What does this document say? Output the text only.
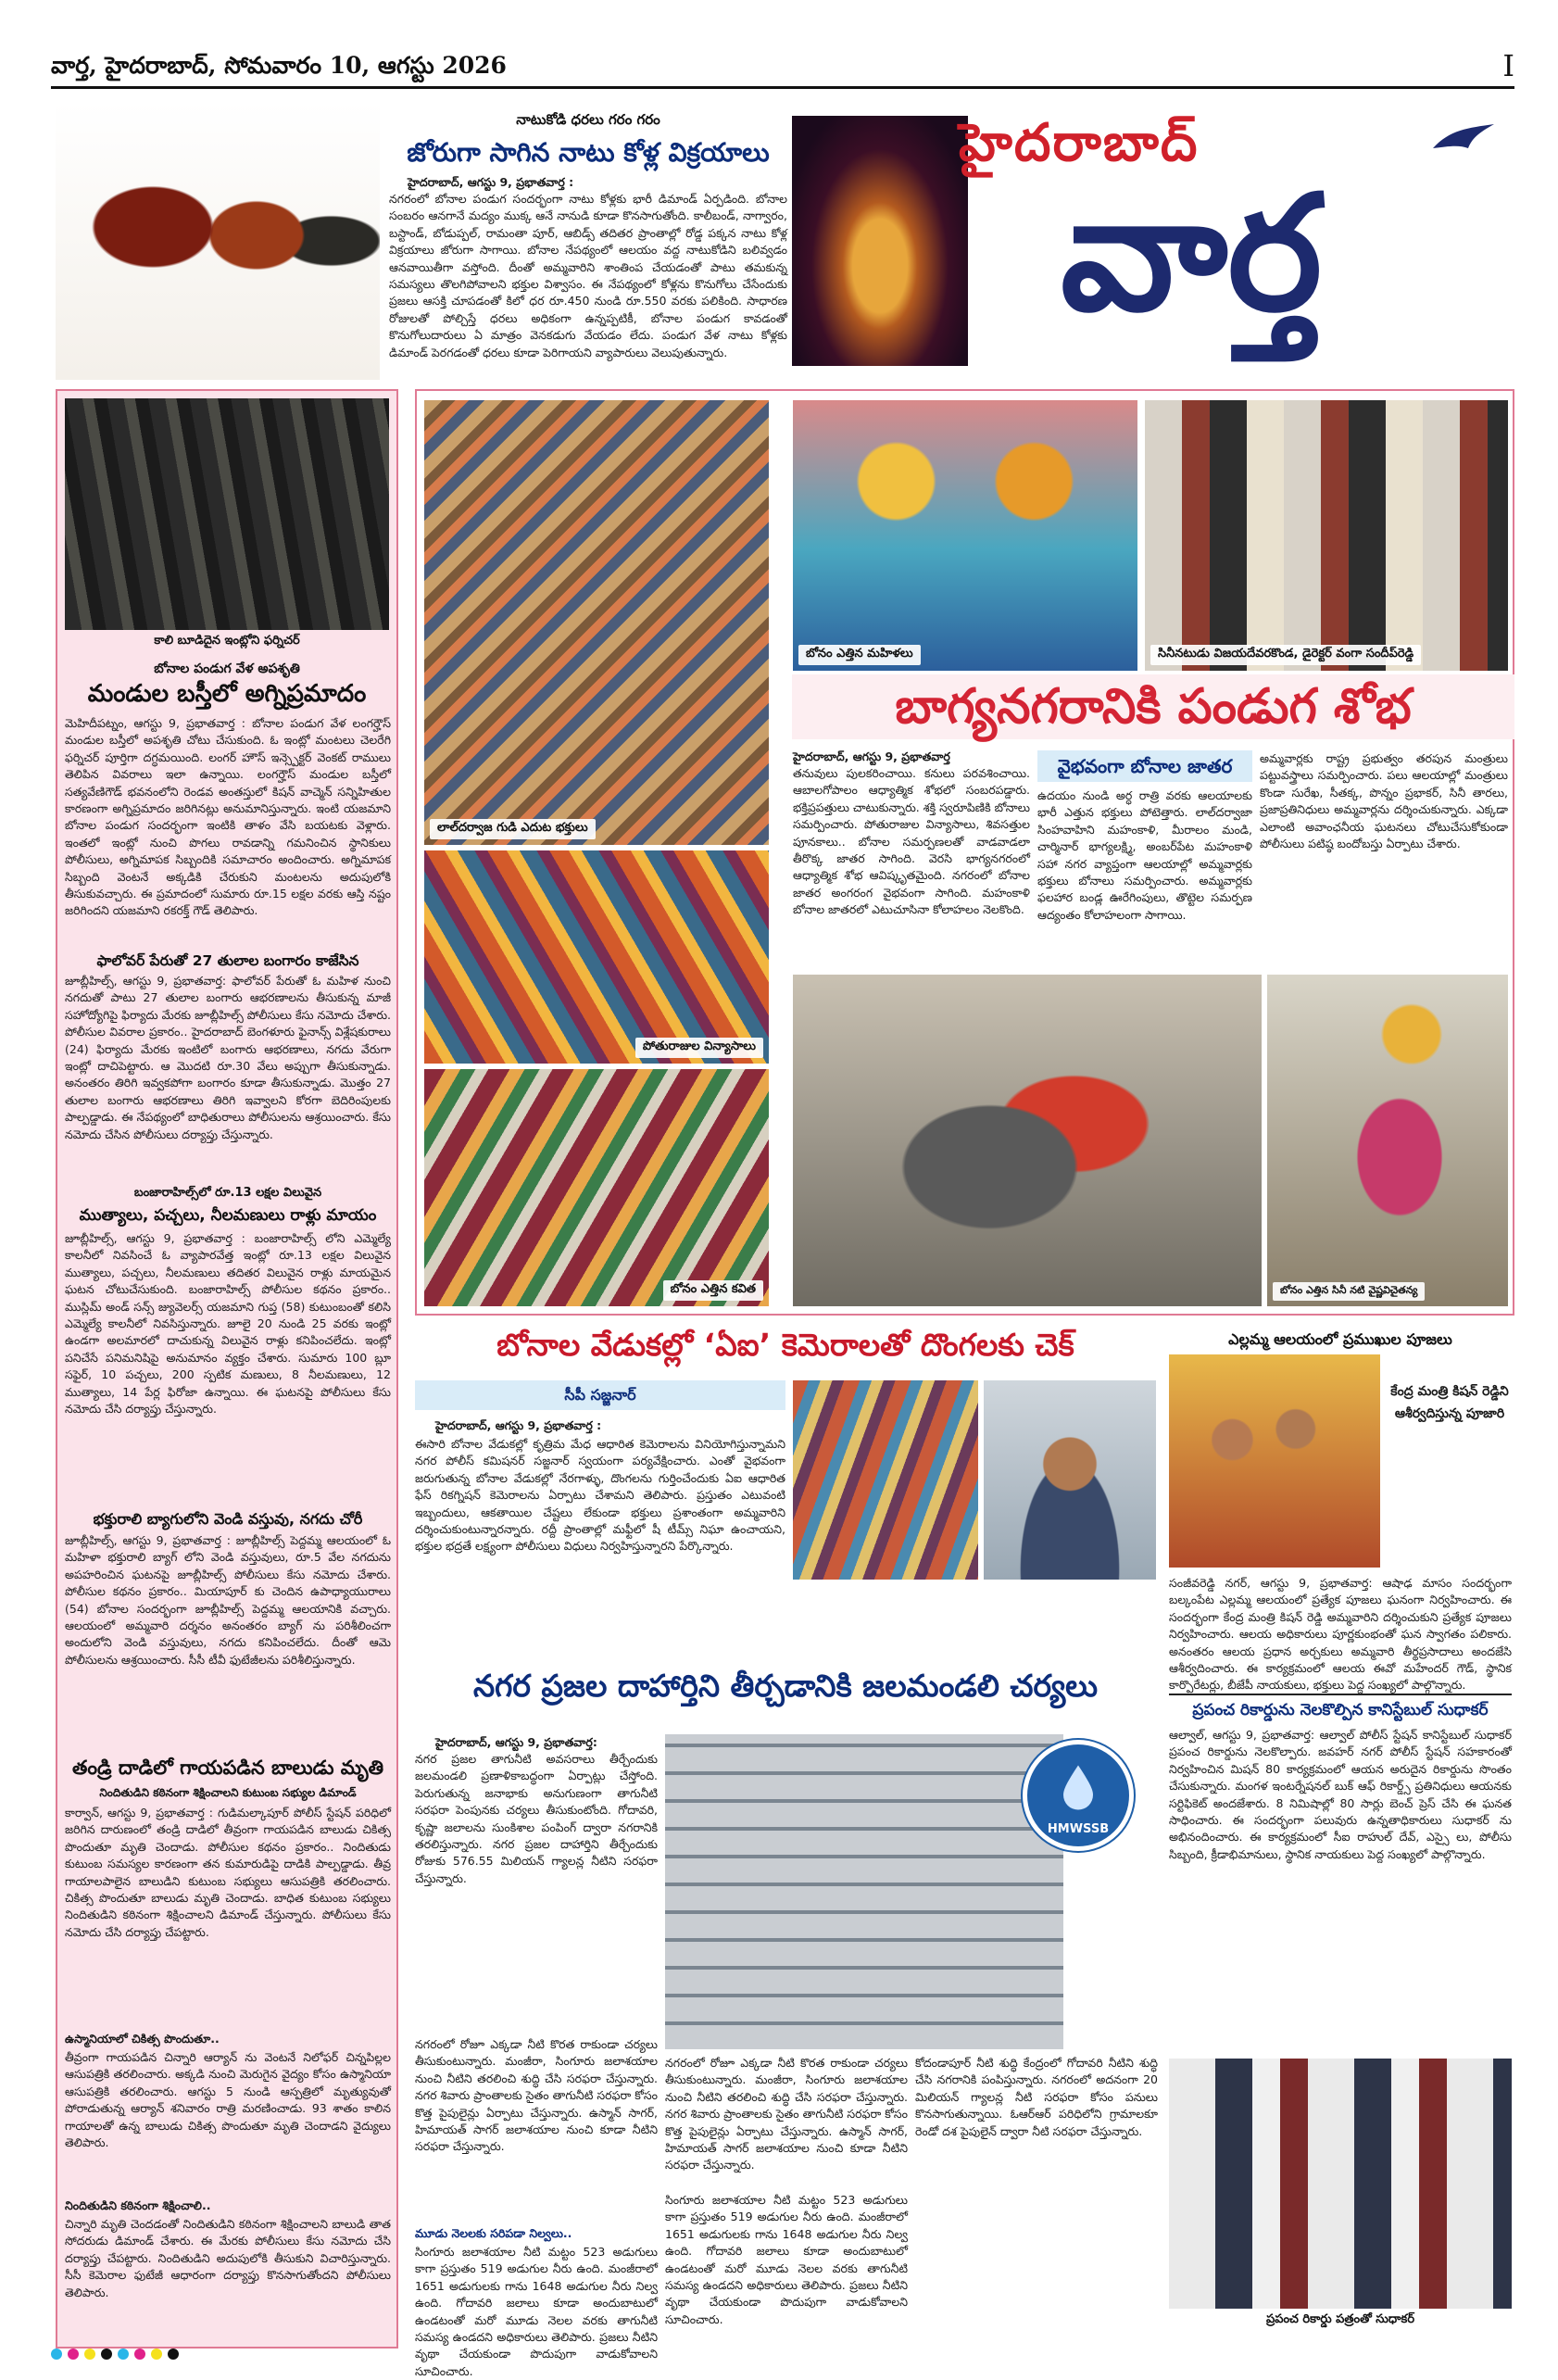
వార్త, హైదరాబాద్, సోమవారం 10, ఆగస్టు 2026	I
నాటుకోడి ధరలు గరం గరం
జోరుగా సాగిన నాటు కోళ్ల విక్రయాలు
హైదరాబాద్, ఆగస్టు 9, ప్రభాతవార్త :
నగరంలో బోనాల పండుగ సందర్భంగా నాటు కోళ్లకు భారీ డిమాండ్ ఏర్పడింది. బోనాల సంబరం ఆనగానే మద్యం ముక్క ఆనే నానుడి కూడా కొనసాగుతోంది. కాలీబండ్, నాగ్వారం, బస్టాండ్, బోడుప్పల్, రామంతా పూర్, ఆబిడ్స్ తదితర ప్రాంతాల్లో రోడ్డ పక్కన నాటు కోళ్ల విక్రయాలు జోరుగా సాగాయి. బోనాల నేపథ్యంలో ఆలయం వద్ద నాటుకోడిని బలివ్వడం ఆనవాయితీగా వస్తోంది. దీంతో అమ్మవారిని శాంతింప చేయడంతో పాటు తమకున్న సమస్యలు తొలగిపోవాలని భక్తుల విశ్వాసం. ఈ నేపథ్యంలో కోళ్లను కొనుగోలు చేసేందుకు ప్రజలు ఆసక్తి చూపడంతో కిలో ధర రూ.450 నుండి రూ.550 వరకు పలికింది. సాధారణ రోజులతో పోల్చిస్తే ధరలు అధికంగా ఉన్నప్పటికీ, బోనాల పండుగ కావడంతో కొనుగోలుదారులు ఏ మాత్రం వెనకడుగు వేయడం లేదు. పండుగ వేళ నాటు కోళ్లకు డిమాండ్ పెరగడంతో ధరలు కూడా పెరిగాయని వ్యాపారులు వెలుపుతున్నారు.
హైదరాబాద్
వార్త
కాలి బూడిదైన ఇంట్లోని ఫర్నిచర్
బోనాల పండుగ వేళ అపశృతి
మండుల బస్తీలో అగ్నిప్రమాదం
మెహిదీపట్నం, ఆగస్టు 9, ప్రభాతవార్త : బోనాల పండుగ వేళ లంగర్హౌస్ మండుల బస్తీలో అపశృతి చోటు చేసుకుంది. ఓ ఇంట్లో మంటలు చెలరేగి ఫర్నిచర్ పూర్తిగా దగ్ధమయింది. లంగర్ హౌస్ ఇన్స్పెక్టర్ వెంకట్ రాములు తెలిపిన వివరాలు ఇలా ఉన్నాయి. లంగర్హౌస్ మండుల బస్తీలో సత్యవేణిగౌడ్ భవనంలోని రెండవ అంతస్తులో కిషన్ వాచ్మెన్ సన్నిహితుల కారణంగా అగ్నిప్రమాదం జరిగినట్లు అనుమానిస్తున్నారు. ఇంటి యజమాని బోనాల పండుగ సందర్భంగా ఇంటికి తాళం వేసి బయటకు వెళ్లారు. ఇంతలో ఇంట్లో నుంచి పొగలు రావడాన్ని గమనించిన స్థానికులు పోలీసులు, అగ్నిమాపక సిబ్బందికి సమాచారం అందించారు. అగ్నిమాపక సిబ్బంది వెంటనే అక్కడికి చేరుకుని మంటలను అదుపులోకి తీసుకువచ్చారు. ఈ ప్రమాదంలో సుమారు రూ.15 లక్షల వరకు ఆస్తి నష్టం జరిగిందని యజమాని రకరక్త్ గౌడ్ తెలిపారు.
ఫాలోవర్ పేరుతో 27 తులాల బంగారం కాజేసిన
జూబ్లీహిల్స్, ఆగస్టు 9, ప్రభాతవార్త: ఫాలోవర్ పేరుతో ఓ మహిళ నుంచి నగదుతో పాటు 27 తులాల బంగారు ఆభరణాలను తీసుకున్న మాజీ సహోద్యోగిపై ఫిర్యాదు మేరకు జూబ్లీహిల్స్ పోలీసులు కేసు నమోదు చేశారు. పోలీసుల వివరాల ప్రకారం.. హైదరాబాద్ బెంగళూరు ఫైనాన్స్ విశ్లేషకురాలు (24) ఫిర్యాదు మేరకు ఇంటిలో బంగారు ఆభరణాలు, నగదు వేరుగా ఇంట్లో దాచిపెట్టారు. ఆ మొదటి రూ.30 వేలు అప్పుగా తీసుకున్నాడు. అనంతరం తిరిగి ఇవ్వకపోగా బంగారం కూడా తీసుకున్నాడు. మొత్తం 27 తులాల బంగారు ఆభరణాలు తిరిగి ఇవ్వాలని కోరగా బెదిరింపులకు పాల్పడ్డాడు. ఈ నేపథ్యంలో బాధితురాలు పోలీసులను ఆశ్రయించారు. కేసు నమోదు చేసిన పోలీసులు దర్యాప్తు చేస్తున్నారు.
బంజారాహిల్స్‌లో రూ.13 లక్షల విలువైన
ముత్యాలు, పచ్చలు, నీలమణులు రాళ్లు మాయం
జూబ్లీహిల్స్, ఆగస్టు 9, ప్రభాతవార్త : బంజారాహిల్స్ లోని ఎమ్మెల్యే కాలనీలో నివసించే ఓ వ్యాపారవేత్త ఇంట్లో రూ.13 లక్షల విలువైన ముత్యాలు, పచ్చలు, నీలమణులు తదితర విలువైన రాళ్లు మాయమైన ఘటన చోటుచేసుకుంది. బంజారాహిల్స్ పోలీసుల కథనం ప్రకారం.. ముస్లిమ్ అండ్ సన్స్ జ్యువెలర్స్ యజమాని గుప్త (58) కుటుంబంతో కలిసి ఎమ్మెల్యే కాలనీలో నివసిస్తున్నారు. జూలై 20 నుండి 25 వరకు ఇంట్లో ఉండగా అలమారలో దాచుకున్న విలువైన రాళ్లు కనిపించలేదు. ఇంట్లో పనిచేసే పనిమనిషిపై అనుమానం వ్యక్తం చేశారు. సుమారు 100 బ్లూ సఫైర్, 10 పచ్చలు, 200 స్పటిక మణులు, 8 నీలమణులు, 12 ముత్యాలు, 14 పేర్ల ఫిరోజా ఉన్నాయి. ఈ ఘటనపై పోలీసులు కేసు నమోదు చేసి దర్యాప్తు చేస్తున్నారు.
భక్తురాలి బ్యాగులోని వెండి వస్తువు, నగదు చోరీ
జూబ్లీహిల్స్, ఆగస్టు 9, ప్రభాతవార్త : జూబ్లీహిల్స్ పెద్దమ్మ ఆలయంలో ఓ మహిళా భక్తురాలి బ్యాగ్ లోని వెండి వస్తువులు, రూ.5 వేల నగదును అపహరించిన ఘటనపై జూబ్లీహిల్స్ పోలీసులు కేసు నమోదు చేశారు. పోలీసుల కథనం ప్రకారం.. మియాపూర్ కు చెందిన ఉపాధ్యాయురాలు (54) బోనాల సందర్భంగా జూబ్లీహిల్స్ పెద్దమ్మ ఆలయానికి వచ్చారు. ఆలయంలో అమ్మవారి దర్శనం అనంతరం బ్యాగ్ ను పరిశీలించగా అందులోని వెండి వస్తువులు, నగదు కనిపించలేదు. దీంతో ఆమె పోలీసులను ఆశ్రయించారు. సీసీ టీవీ ఫుటేజీలను పరిశీలిస్తున్నారు.
తండ్రి దాడిలో గాయపడిన బాలుడు మృతి
నిందితుడిని కఠినంగా శిక్షించాలని కుటుంబ సభ్యుల డిమాండ్
కార్వాన్, ఆగస్టు 9, ప్రభాతవార్త : గుడిమల్కాపూర్ పోలీస్ స్టేషన్ పరిధిలో జరిగిన దారుణంలో తండ్రి దాడిలో తీవ్రంగా గాయపడిన బాలుడు చికిత్స పొందుతూ మృతి చెందాడు. పోలీసుల కథనం ప్రకారం.. నిందితుడు కుటుంబ సమస్యల కారణంగా తన కుమారుడిపై దాడికి పాల్పడ్డాడు. తీవ్ర గాయాలపాలైన బాలుడిని కుటుంబ సభ్యులు ఆసుపత్రికి తరలించారు. చికిత్స పొందుతూ బాలుడు మృతి చెందాడు. బాధిత కుటుంబ సభ్యులు నిందితుడిని కఠినంగా శిక్షించాలని డిమాండ్ చేస్తున్నారు. పోలీసులు కేసు నమోదు చేసి దర్యాప్తు చేపట్టారు.
ఉస్మానియాలో చికిత్స పొందుతూ..
తీవ్రంగా గాయపడిన చిన్నారి ఆర్యాన్ ను వెంటనే నిలోఫర్ చిన్నపిల్లల ఆసుపత్రికి తరలించారు. అక్కడి నుంచి మెరుగైన వైద్యం కోసం ఉస్మానియా ఆసుపత్రికి తరలించారు. ఆగస్టు 5 నుండి ఆస్పత్రిలో మృత్యువుతో పోరాడుతున్న ఆర్యాన్ శనివారం రాత్రి మరణించాడు. 93 శాతం కాలిన గాయాలతో ఉన్న బాలుడు చికిత్స పొందుతూ మృతి చెందాడని వైద్యులు తెలిపారు.
నిందితుడిని కఠినంగా శిక్షించాలి..
చిన్నారి మృతి చెందడంతో నిందితుడిని కఠినంగా శిక్షించాలని బాలుడి తాత సోదరుడు డిమాండ్ చేశారు. ఈ మేరకు పోలీసులు కేసు నమోదు చేసి దర్యాప్తు చేపట్టారు. నిందితుడిని అదుపులోకి తీసుకుని విచారిస్తున్నారు. సీసీ కెమెరాల ఫుటేజీ ఆధారంగా దర్యాప్తు కొనసాగుతోందని పోలీసులు తెలిపారు.
లాల్‌దర్వాజ గుడి ఎదుట భక్తులు
పోతురాజుల విన్యాసాలు
బోనం ఎత్తిన కవిత
బోనం ఎత్తిన మహిళలు	సినీనటుడు విజయదేవరకొండ, డైరెక్టర్ వంగా సందీప్‌రెడ్డి
బాగ్యనగరానికి పండుగ శోభ
హైదరాబాద్, ఆగస్టు 9, ప్రభాతవార్త
తనువులు పులకరించాయి. కనులు పరవశించాయి. ఆబాలగోపాలం ఆధ్యాత్మిక శోభలో సంబరపడ్డారు. భక్తిప్రపత్తులు చాటుకున్నారు. శక్తి స్వరూపిణికి బోనాలు సమర్పించారు. పోతురాజుల విన్యాసాలు, శివసత్తుల పూనకాలు.. బోనాల సమర్పణలతో వాడవాడలా తీరొక్క జాతర సాగింది. వెరసి భాగ్యనగరంలో ఆధ్యాత్మిక శోభ ఆవిష్కృతమైంది. నగరంలో బోనాల జాతర అంగరంగ వైభవంగా సాగింది. మహంకాళి బోనాల జాతరలో ఎటుచూసినా కోలాహలం నెలకొంది.
వైభవంగా బోనాల జాతర
ఉదయం నుండి అర్ధ రాత్రి వరకు ఆలయాలకు భారీ ఎత్తున భక్తులు పోటెత్తారు. లాల్‌దర్వాజా సింహవాహిని మహంకాళి, మీరాలం మండి, చార్మినార్ భాగ్యలక్ష్మి, అంబర్‌పేట మహంకాళి సహా నగర వ్యాప్తంగా ఆలయాల్లో అమ్మవార్లకు భక్తులు బోనాలు సమర్పించారు. అమ్మవార్లకు ఫలహార బండ్ల ఊరేగింపులు, తొట్టెల సమర్పణ ఆద్యంతం కోలాహలంగా సాగాయి.
అమ్మవార్లకు రాష్ట్ర ప్రభుత్వం తరపున మంత్రులు పట్టువస్త్రాలు సమర్పించారు. పలు ఆలయాల్లో మంత్రులు కొండా సురేఖ, సీతక్క, పొన్నం ప్రభాకర్, సినీ తారలు, ప్రజాప్రతినిధులు అమ్మవార్లను దర్శించుకున్నారు. ఎక్కడా ఎలాంటి అవాంఛనీయ ఘటనలు చోటుచేసుకోకుండా పోలీసులు పటిష్ఠ బందోబస్తు ఏర్పాటు చేశారు.
బోనం ఎత్తిన సినీ నటి వైష్ణవిచైతన్య
బోనాల వేడుకల్లో ‘ఏఐ’ కెమెరాలతో దొంగలకు చెక్
సీపీ సజ్జనార్
హైదరాబాద్, ఆగస్టు 9, ప్రభాతవార్త :
ఈసారి బోనాల వేడుకల్లో కృత్రిమ మేధ ఆధారిత కెమెరాలను వినియోగిస్తున్నామని నగర పోలీస్ కమిషనర్ సజ్జనార్ స్వయంగా పర్యవేక్షించారు. ఎంతో వైభవంగా జరుగుతున్న బోనాల వేడుకల్లో నేరగాళ్ళు, దొంగలను గుర్తించేందుకు ఏఐ ఆధారిత ఫేస్ రికగ్నిషన్ కెమెరాలను ఏర్పాటు చేశామని తెలిపారు. ప్రస్తుతం ఎటువంటి ఇబ్బందులు, ఆకతాయిల చేష్టలు లేకుండా భక్తులు ప్రశాంతంగా అమ్మవారిని దర్శించుకుంటున్నారన్నారు. రద్దీ ప్రాంతాల్లో మఫ్టీలో షీ టీమ్స్ నిఘా ఉంచాయని, భక్తుల భద్రతే లక్ష్యంగా పోలీసులు విధులు నిర్వహిస్తున్నారని పేర్కొన్నారు.
ఎల్లమ్మ ఆలయంలో ప్రముఖుల పూజలు
కేంద్ర మంత్రి కిషన్ రెడ్డిని ఆశీర్వదిస్తున్న పూజారి
సంజీవరెడ్డి నగర్, ఆగస్టు 9, ప్రభాతవార్త: ఆషాఢ మాసం సందర్భంగా బల్కంపేట ఎల్లమ్మ ఆలయంలో ప్రత్యేక పూజలు ఘనంగా నిర్వహించారు. ఈ సందర్భంగా కేంద్ర మంత్రి కిషన్ రెడ్డి అమ్మవారిని దర్శించుకుని ప్రత్యేక పూజలు నిర్వహించారు. ఆలయ అధికారులు పూర్ణకుంభంతో ఘన స్వాగతం పలికారు. అనంతరం ఆలయ ప్రధాన అర్చకులు అమ్మవారి తీర్థప్రసాదాలు అందజేసి ఆశీర్వదించారు. ఈ కార్యక్రమంలో ఆలయ ఈవో మహేందర్ గౌడ్, స్థానిక కార్పొరేటర్లు, బీజేపీ నాయకులు, భక్తులు పెద్ద సంఖ్యలో పాల్గొన్నారు.
నగర ప్రజల దాహార్తిని తీర్చడానికి జలమండలి చర్యలు
హైదరాబాద్, ఆగస్టు 9, ప్రభాతవార్త:
నగర ప్రజల తాగునీటి అవసరాలు తీర్చేందుకు జలమండలి ప్రణాళికాబద్ధంగా ఏర్పాట్లు చేస్తోంది. పెరుగుతున్న జనాభాకు అనుగుణంగా తాగునీటి సరఫరా పెంపునకు చర్యలు తీసుకుంటోంది. గోదావరి, కృష్ణా జలాలను సుంకిశాల పంపింగ్ ద్వారా నగరానికి తరలిస్తున్నారు. నగర ప్రజల దాహార్తిని తీర్చేందుకు రోజుకు 576.55 మిలియన్ గ్యాలన్ల నీటిని సరఫరా చేస్తున్నారు.
HMWSSB
నగరంలో రోజూ ఎక్కడా నీటి కొరత రాకుండా చర్యలు తీసుకుంటున్నారు. మంజీరా, సింగూరు జలాశయాల నుంచి నీటిని తరలించి శుద్ధి చేసి సరఫరా చేస్తున్నారు. నగర శివారు ప్రాంతాలకు సైతం తాగునీటి సరఫరా కోసం కొత్త పైపులైన్లు ఏర్పాటు చేస్తున్నారు. ఉస్మాన్ సాగర్, హిమాయత్ సాగర్ జలాశయాల నుంచి కూడా నీటిని సరఫరా చేస్తున్నారు.
కోదండాపూర్ నీటి శుద్ధి కేంద్రంలో గోదావరి నీటిని శుద్ధి చేసి నగరానికి పంపిస్తున్నారు. నగరంలో అదనంగా 20 మిలియన్ గ్యాలన్ల నీటి సరఫరా కోసం పనులు కొనసాగుతున్నాయి. ఓఆర్ఆర్ పరిధిలోని గ్రామాలకూ రెండో దశ పైపులైన్ ద్వారా నీటి సరఫరా చేస్తున్నారు.
నగరంలో రోజూ ఎక్కడా నీటి కొరత రాకుండా చర్యలు తీసుకుంటున్నారు. మంజీరా, సింగూరు జలాశయాల నుంచి నీటిని తరలించి శుద్ధి చేసి సరఫరా చేస్తున్నారు. నగర శివారు ప్రాంతాలకు సైతం తాగునీటి సరఫరా కోసం కొత్త పైపులైన్లు ఏర్పాటు చేస్తున్నారు. ఉస్మాన్ సాగర్, హిమాయత్ సాగర్ జలాశయాల నుంచి కూడా నీటిని సరఫరా చేస్తున్నారు.
మూడు నెలలకు సరిపడా నిల్వలు..
సింగూరు జలాశయాల నీటి మట్టం 523 అడుగులు కాగా ప్రస్తుతం 519 అడుగుల నీరు ఉంది. మంజీరాలో 1651 అడుగులకు గాను 1648 అడుగుల నీరు నిల్వ ఉంది. గోదావరి జలాలు కూడా అందుబాటులో ఉండటంతో మరో మూడు నెలల వరకు తాగునీటి సమస్య ఉండదని అధికారులు తెలిపారు. ప్రజలు నీటిని వృథా చేయకుండా పొదుపుగా వాడుకోవాలని సూచించారు.
సింగూరు జలాశయాల నీటి మట్టం 523 అడుగులు కాగా ప్రస్తుతం 519 అడుగుల నీరు ఉంది. మంజీరాలో 1651 అడుగులకు గాను 1648 అడుగుల నీరు నిల్వ ఉంది. గోదావరి జలాలు కూడా అందుబాటులో ఉండటంతో మరో మూడు నెలల వరకు తాగునీటి సమస్య ఉండదని అధికారులు తెలిపారు. ప్రజలు నీటిని వృథా చేయకుండా పొదుపుగా వాడుకోవాలని సూచించారు.
ప్రపంచ రికార్డును నెలకొల్పిన కానిస్టేబుల్ సుధాకర్
ఆల్వాల్, ఆగస్టు 9, ప్రభాతవార్త: ఆల్వాల్ పోలీస్ స్టేషన్ కానిస్టేబుల్ సుధాకర్ ప్రపంచ రికార్డును నెలకొల్పారు. జవహర్ నగర్ పోలీస్ స్టేషన్ సహకారంతో నిర్వహించిన మిషన్ 80 కార్యక్రమంలో ఆయన అరుదైన రికార్డును సొంతం చేసుకున్నారు. మంగళ ఇంటర్నేషనల్ బుక్ ఆఫ్ రికార్డ్స్ ప్రతినిధులు ఆయనకు సర్టిఫికెట్ అందజేశారు. 8 నిమిషాల్లో 80 సార్లు బెంచ్ ప్రెస్ చేసి ఈ ఘనత సాధించారు. ఈ సందర్భంగా పలువురు ఉన్నతాధికారులు సుధాకర్ ను అభినందించారు. ఈ కార్యక్రమంలో సీఐ రాహుల్ దేవ్, ఎస్సై లు, పోలీసు సిబ్బంది, క్రీడాభిమానులు, స్థానిక నాయకులు పెద్ద సంఖ్యలో పాల్గొన్నారు.
ప్రపంచ రికార్డు పత్రంతో సుధాకర్
